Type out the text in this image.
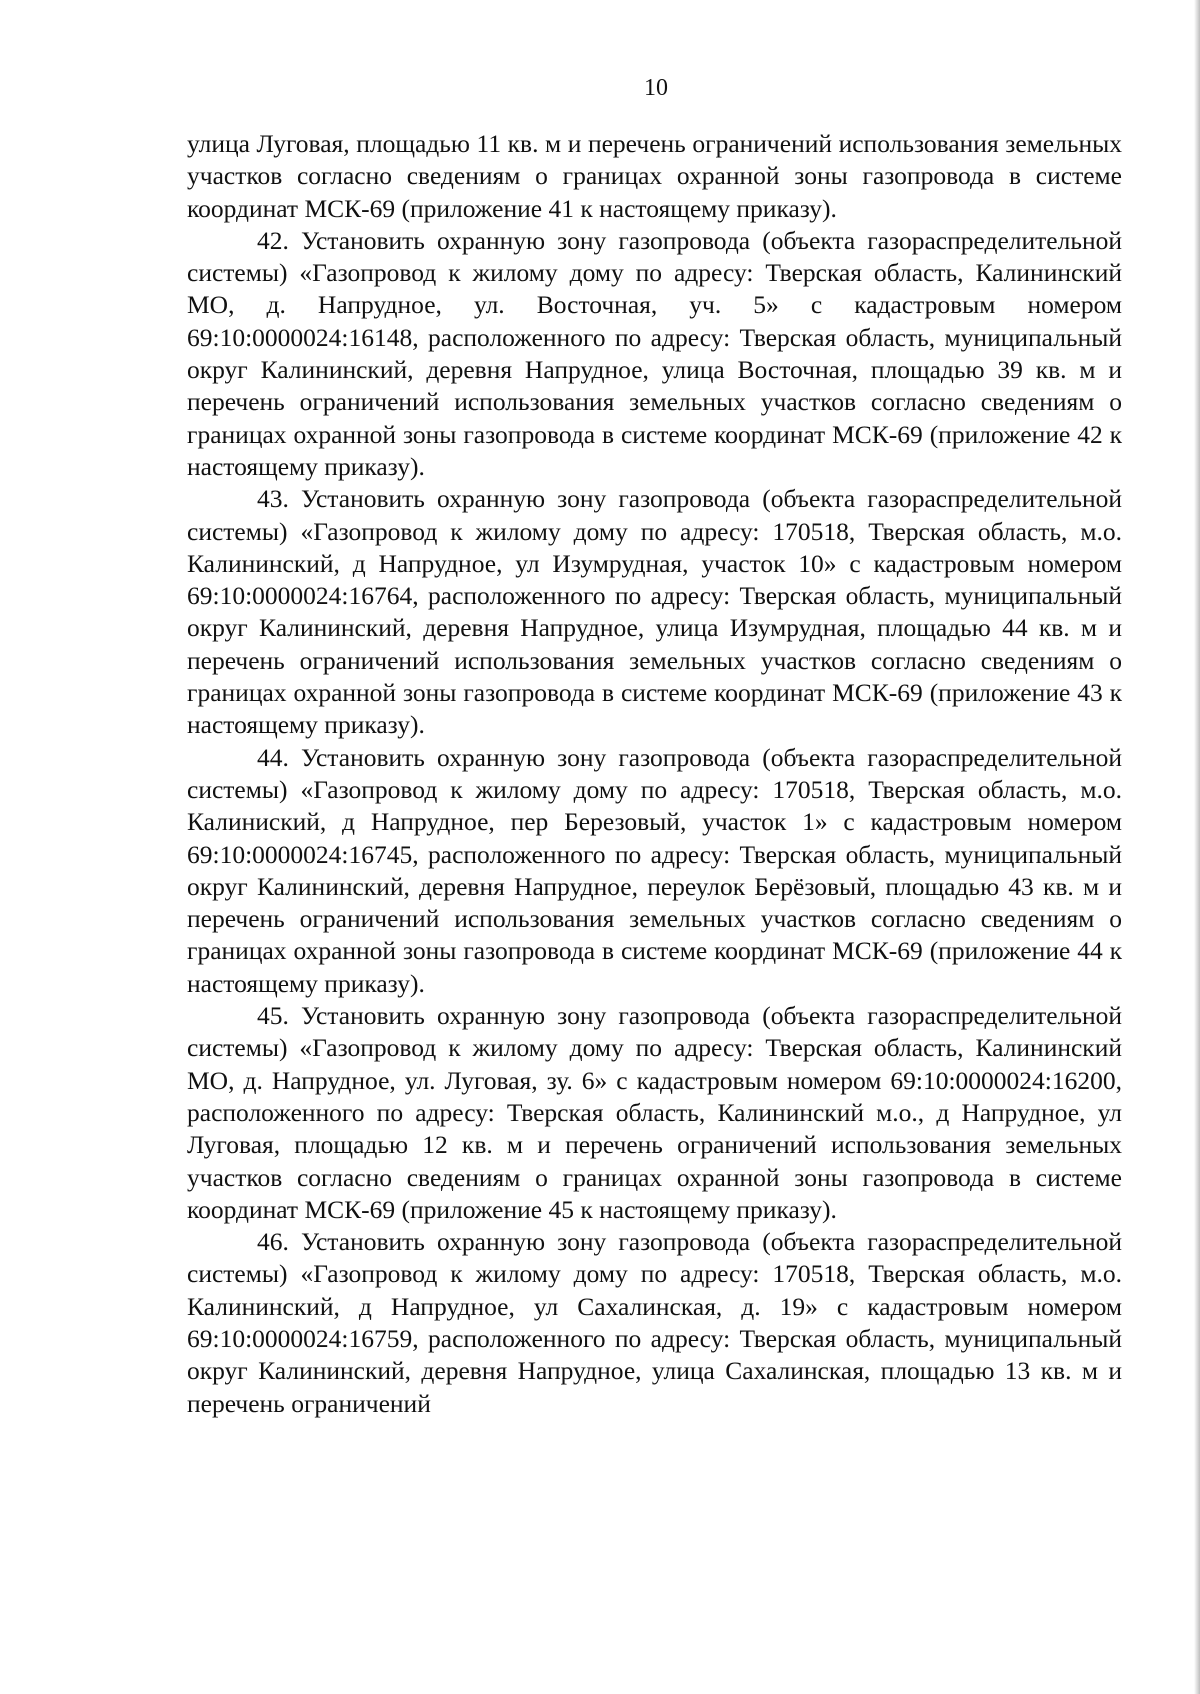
10

улица Луговая, площадью 11 кв. м и перечень ограничений использования земельных участков согласно сведениям о границах охранной зоны газопровода в системе координат МСК-69 (приложение 41 к настоящему приказу).

42. Установить охранную зону газопровода (объекта газораспределительной системы) «Газопровод к жилому дому по адресу: Тверская область, Калининский МО, д. Напрудное, ул. Восточная, уч. 5» с кадастровым номером 69:10:0000024:16148, расположенного по адресу: Тверская область, муниципальный округ Калининский, деревня Напрудное, улица Восточная, площадью 39 кв. м и перечень ограничений использования земельных участков согласно сведениям о границах охранной зоны газопровода в системе координат МСК-69 (приложение 42 к настоящему приказу).

43. Установить охранную зону газопровода (объекта газораспределительной системы) «Газопровод к жилому дому по адресу: 170518, Тверская область, м.о. Калининский, д Напрудное, ул Изумрудная, участок 10» с кадастровым номером 69:10:0000024:16764, расположенного по адресу: Тверская область, муниципальный округ Калининский, деревня Напрудное, улица Изумрудная, площадью 44 кв. м и перечень ограничений использования земельных участков согласно сведениям о границах охранной зоны газопровода в системе координат МСК-69 (приложение 43 к настоящему приказу).

44. Установить охранную зону газопровода (объекта газораспределительной системы) «Газопровод к жилому дому по адресу: 170518, Тверская область, м.о. Калиниский, д Напрудное, пер Березовый, участок 1» с кадастровым номером 69:10:0000024:16745, расположенного по адресу: Тверская область, муниципальный округ Калининский, деревня Напрудное, переулок Берёзовый, площадью 43 кв. м и перечень ограничений использования земельных участков согласно сведениям о границах охранной зоны газопровода в системе координат МСК-69 (приложение 44 к настоящему приказу).

45. Установить охранную зону газопровода (объекта газораспределительной системы) «Газопровод к жилому дому по адресу: Тверская область, Калининский МО, д. Напрудное, ул. Луговая, зу. 6» с кадастровым номером 69:10:0000024:16200, расположенного по адресу: Тверская область, Калининский м.о., д Напрудное, ул Луговая, площадью 12 кв. м и перечень ограничений использования земельных участков согласно сведениям о границах охранной зоны газопровода в системе координат МСК-69 (приложение 45 к настоящему приказу).

46. Установить охранную зону газопровода (объекта газораспределительной системы) «Газопровод к жилому дому по адресу: 170518, Тверская область, м.о. Калининский, д Напрудное, ул Сахалинская, д. 19» с кадастровым номером 69:10:0000024:16759, расположенного по адресу: Тверская область, муниципальный округ Калининский, деревня Напрудное, улица Сахалинская, площадью 13 кв. м и перечень ограничений
